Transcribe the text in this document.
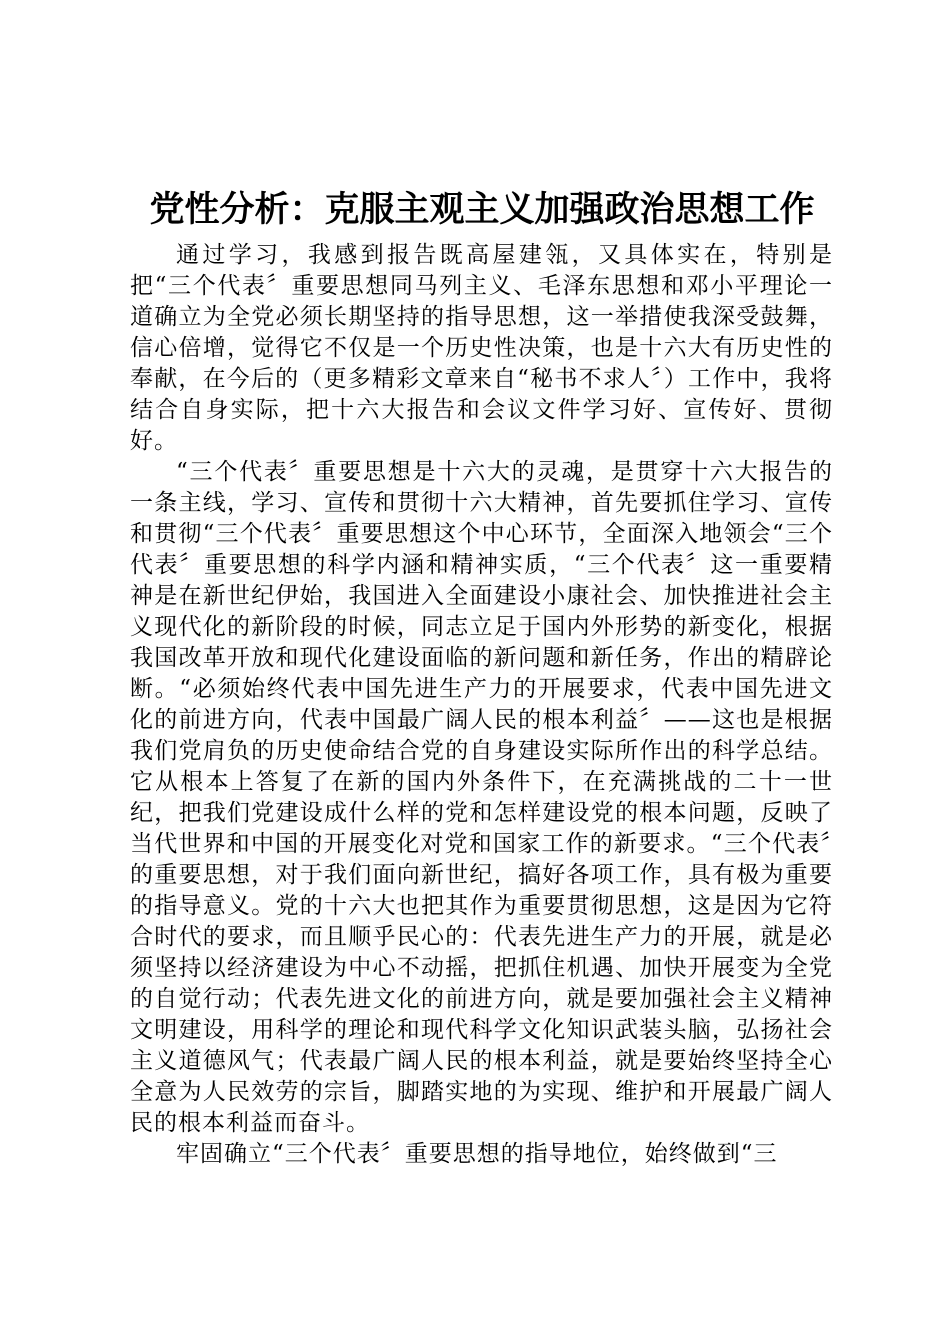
党性分析：克服主观主义加强政治思想工作

通过学习，我感到报告既高屋建瓴，又具体实在，特别是把“三个代表〞重要思想同马列主义、毛泽东思想和邓小平理论一道确立为全党必须长期坚持的指导思想，这一举措使我深受鼓舞，信心倍增，觉得它不仅是一个历史性决策，也是十六大有历史性的奉献，在今后的（更多精彩文章来自“秘书不求人〞）工作中，我将结合自身实际，把十六大报告和会议文件学习好、宣传好、贯彻好。

“三个代表〞重要思想是十六大的灵魂，是贯穿十六大报告的一条主线，学习、宣传和贯彻十六大精神，首先要抓住学习、宣传和贯彻“三个代表〞重要思想这个中心环节，全面深入地领会“三个代表〞重要思想的科学内涵和精神实质，“三个代表〞这一重要精神是在新世纪伊始，我国进入全面建设小康社会、加快推进社会主义现代化的新阶段的时候，同志立足于国内外形势的新变化，根据我国改革开放和现代化建设面临的新问题和新任务，作出的精辟论断。“必须始终代表中国先进生产力的开展要求，代表中国先进文化的前进方向，代表中国最广阔人民的根本利益〞——这也是根据我们党肩负的历史使命结合党的自身建设实际所作出的科学总结。它从根本上答复了在新的国内外条件下，在充满挑战的二十一世纪，把我们党建设成什么样的党和怎样建设党的根本问题，反映了当代世界和中国的开展变化对党和国家工作的新要求。“三个代表〞的重要思想，对于我们面向新世纪，搞好各项工作，具有极为重要的指导意义。党的十六大也把其作为重要贯彻思想，这是因为它符合时代的要求，而且顺乎民心的：代表先进生产力的开展，就是必须坚持以经济建设为中心不动摇，把抓住机遇、加快开展变为全党的自觉行动；代表先进文化的前进方向，就是要加强社会主义精神文明建设，用科学的理论和现代科学文化知识武装头脑，弘扬社会主义道德风气；代表最广阔人民的根本利益，就是要始终坚持全心全意为人民效劳的宗旨，脚踏实地的为实现、维护和开展最广阔人民的根本利益而奋斗。

牢固确立“三个代表〞重要思想的指导地位，始终做到“三
